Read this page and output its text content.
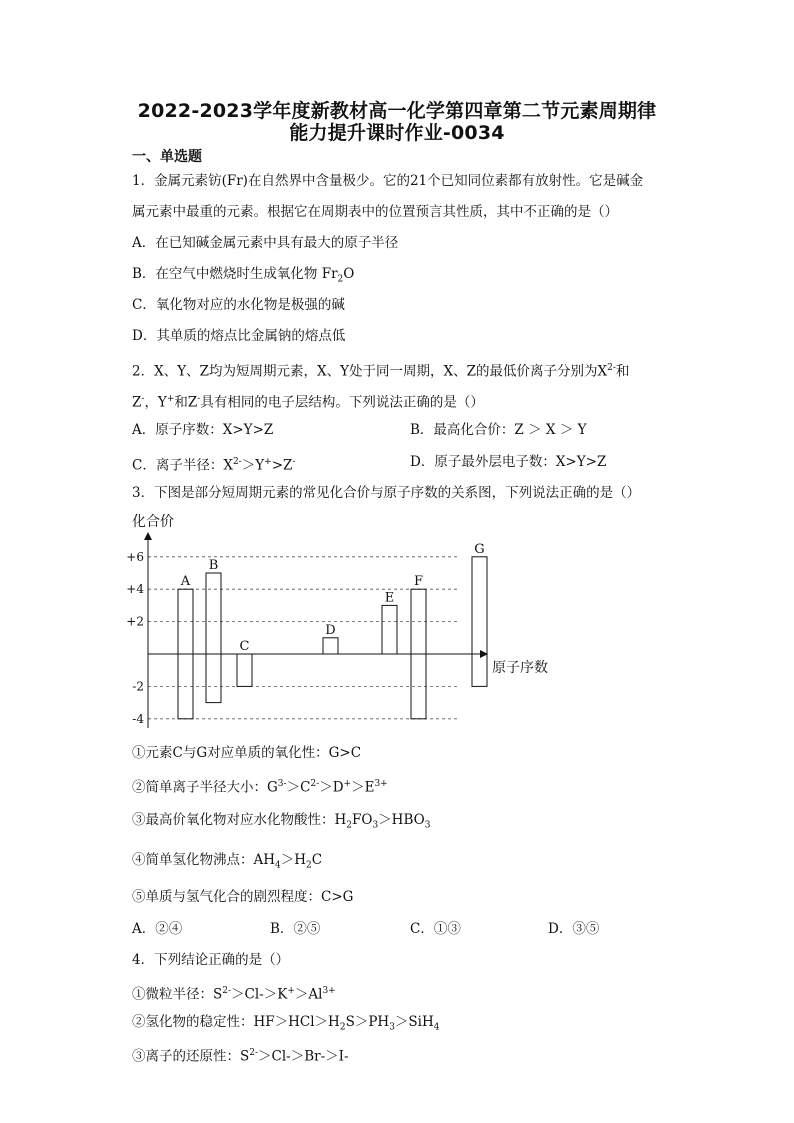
2022-2023学年度新教材高一化学第四章第二节元素周期律
能力提升课时作业-0034
一、单选题
1．金属元素钫(Fr)在自然界中含量极少。它的21个已知同位素都有放射性。它是碱金
属元素中最重的元素。根据它在周期表中的位置预言其性质，其中不正确的是（）
A．在已知碱金属元素中具有最大的原子半径
B．在空气中燃烧时生成氧化物 $Fr_2O$
C．氧化物对应的水化物是极强的碱
D．其单质的熔点比金属钠的熔点低
2．X、Y、Z均为短周期元素，X、Y处于同一周期，X、Z的最低价离子分别为$X^{2-}$和
Z-，Y+和Z-具有相同的电子层结构。下列说法正确的是（）
A．原子序数：X>Y>Z	B．最高化合价：Z ＞ X ＞ Y
C．离子半径：$X^{2-}>Y^+>Z^-$	D．原子最外层电子数：X>Y>Z
3．下图是部分短周期元素的常见化合价与原子序数的关系图，下列说法正确的是（）
+6
+4
+2
-2
-4
化合价
原子序数
A
B
C
D
E
F
G
①元素C与G对应单质的氧化性：G>C
②简单离子半径大小：$G^{3-}>C^{2-}>D^+>E^{3+}$
③最高价氧化物对应水化物酸性：$H_2FO_3>HBO_3$
④简单氢化物沸点：$AH_4>H_2C$
⑤单质与氢气化合的剧烈程度：C>G
A．②④	B．②⑤	C．①③	D．③⑤
4．下列结论正确的是（）
①微粒半径：$S^{2-}>Cl->K^+>Al^{3+}$
②氢化物的稳定性：$HF>HCl>H_2S>PH_3>SiH_4$
③离子的还原性：$S^{2-}>Cl->Br->I-$
